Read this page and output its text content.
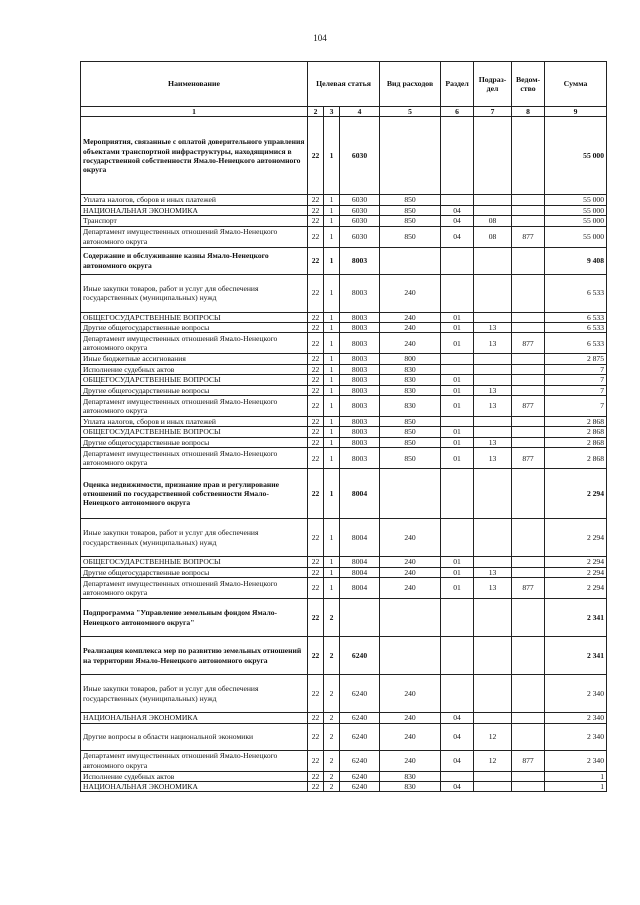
104
Наименование	Целевая статья			Вид расходов	Раздел	Подраз-дел	Ведом-ство	Сумма
1	2	3	4	5	6	7	8	9
Мероприятия, связанные с оплатой доверительного управления объектами транспортной инфраструктуры, находящимися в государственной собственности Ямало-Ненецкого автономного округа	22	1	6030					55 000
Уплата налогов, сборов и иных платежей	22	1	6030	850				55 000
НАЦИОНАЛЬНАЯ ЭКОНОМИКА	22	1	6030	850	04			55 000
Транспорт	22	1	6030	850	04	08		55 000
Департамент имущественных отношений Ямало-Ненецкого автономного округа	22	1	6030	850	04	08	877	55 000
Содержание и обслуживание казны Ямало-Ненецкого автономного округа	22	1	8003					9 408
Иные закупки товаров, работ и услуг для обеспечения государственных (муниципальных) нужд	22	1	8003	240				6 533
ОБЩЕГОСУДАРСТВЕННЫЕ ВОПРОСЫ	22	1	8003	240	01			6 533
Другие общегосударственные вопросы	22	1	8003	240	01	13		6 533
Департамент имущественных отношений Ямало-Ненецкого автономного округа	22	1	8003	240	01	13	877	6 533
Иные бюджетные ассигнования	22	1	8003	800				2 875
Исполнение судебных актов	22	1	8003	830				7
ОБЩЕГОСУДАРСТВЕННЫЕ ВОПРОСЫ	22	1	8003	830	01			7
Другие общегосударственные вопросы	22	1	8003	830	01	13		7
Департамент имущественных отношений Ямало-Ненецкого автономного округа	22	1	8003	830	01	13	877	7
Уплата налогов, сборов и иных платежей	22	1	8003	850				2 868
ОБЩЕГОСУДАРСТВЕННЫЕ ВОПРОСЫ	22	1	8003	850	01			2 868
Другие общегосударственные вопросы	22	1	8003	850	01	13		2 868
Департамент имущественных отношений Ямало-Ненецкого автономного округа	22	1	8003	850	01	13	877	2 868
Оценка недвижимости, признание прав и регулирование отношений по государственной собственности Ямало-Ненецкого автономного округа	22	1	8004					2 294
Иные закупки товаров, работ и услуг для обеспечения государственных (муниципальных) нужд	22	1	8004	240				2 294
ОБЩЕГОСУДАРСТВЕННЫЕ ВОПРОСЫ	22	1	8004	240	01			2 294
Другие общегосударственные вопросы	22	1	8004	240	01	13		2 294
Департамент имущественных отношений Ямало-Ненецкого автономного округа	22	1	8004	240	01	13	877	2 294
Подпрограмма "Управление земельным фондом Ямало-Ненецкого автономного округа"	22	2						2 341
Реализация комплекса мер по развитию земельных отношений на территории Ямало-Ненецкого автономного округа	22	2	6240					2 341
Иные закупки товаров, работ и услуг для обеспечения государственных (муниципальных) нужд	22	2	6240	240				2 340
НАЦИОНАЛЬНАЯ ЭКОНОМИКА	22	2	6240	240	04			2 340
Другие вопросы в области национальной экономики	22	2	6240	240	04	12		2 340
Департамент имущественных отношений Ямало-Ненецкого автономного округа	22	2	6240	240	04	12	877	2 340
Исполнение судебных актов	22	2	6240	830				1
НАЦИОНАЛЬНАЯ ЭКОНОМИКА	22	2	6240	830	04			1
